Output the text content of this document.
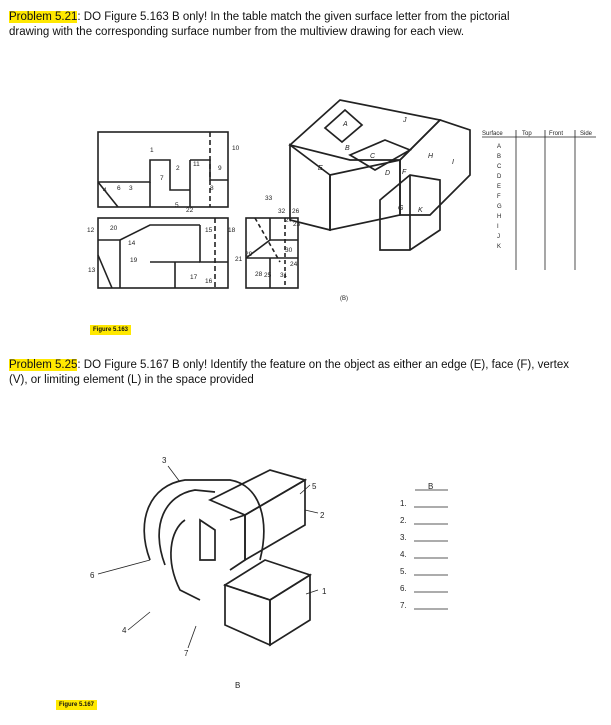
Problem 5.21: DO Figure 5.163 B only! In the table match the given surface letter from the pictorial drawing with the corresponding surface number from the multiview drawing for each view.
1
2
3
4
5
6
7
8
9
10
11
12
13
14
15
16
17
18
19
20
21
22
23
24
25
26
27
28
29
30
31
32
33
A
B
C
D
E
F
G
H
I
J
K
(B)
Surface	Top	Front	Side
A
B
C
D
E
F
G
H
I
J
K
Figure 5.163
Problem 5.25: DO Figure 5.167 B only! Identify the feature on the object as either an edge (E), face (F), vertex (V), or limiting element (L) in the space provided
1
2
3
4
5
6
7
B
B
1.
2.
3.
4.
5.
6.
7.
Figure 5.167
